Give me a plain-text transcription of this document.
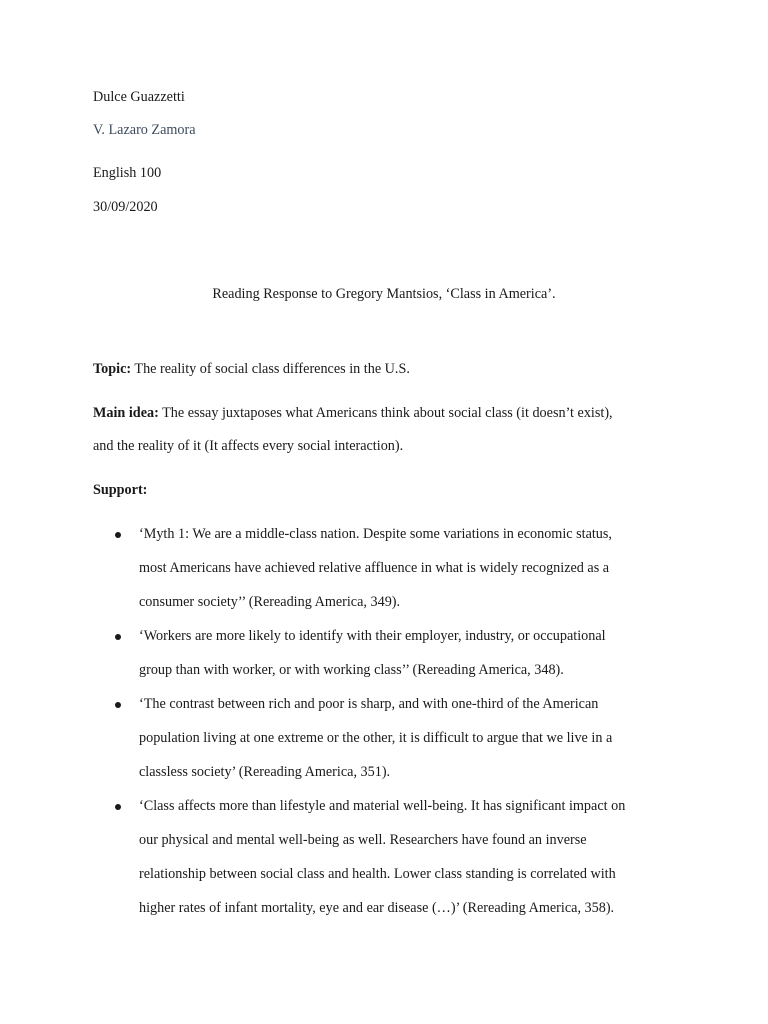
Dulce Guazzetti
V. Lazaro Zamora
English 100
30/09/2020
Reading Response to Gregory Mantsios, ‘Class in America’.
Topic: The reality of social class differences in the U.S.
Main idea: The essay juxtaposes what Americans think about social class (it doesn’t exist),
and the reality of it (It affects every social interaction).
Support:
‘Myth 1: We are a middle-class nation. Despite some variations in economic status,
most Americans have achieved relative affluence in what is widely recognized as a
consumer society’’ (Rereading America, 349).
‘Workers are more likely to identify with their employer, industry, or occupational
group than with worker, or with working class’’ (Rereading America, 348).
‘The contrast between rich and poor is sharp, and with one-third of the American
population living at one extreme or the other, it is difficult to argue that we live in a
classless society’ (Rereading America, 351).
‘Class affects more than lifestyle and material well-being. It has significant impact on
our physical and mental well-being as well. Researchers have found an inverse
relationship between social class and health. Lower class standing is correlated with
higher rates of infant mortality, eye and ear disease (…)’ (Rereading America, 358).
